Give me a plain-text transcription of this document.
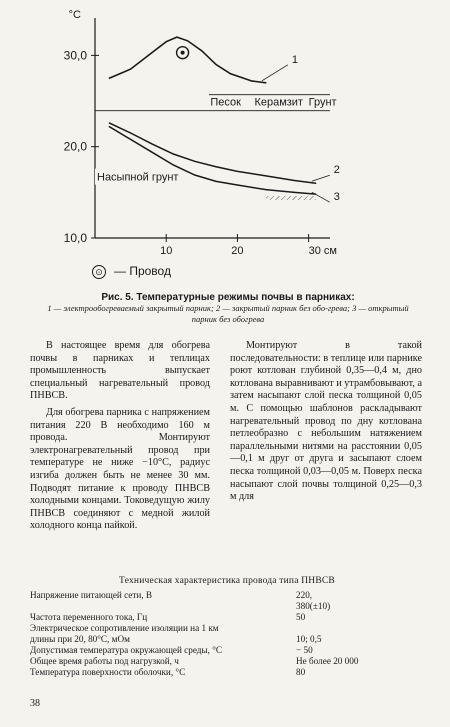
10,0
20,0
30,0
°C
10	20	30 см
Песок Керамзит Грунт
Насыпной грунт
1
2
3
⊙ — Провод
Рис. 5. Температурные режимы почвы в парниках:
1 — электрообогреваемый закрытый парник; 2 — закрытый парник без обо-грева; 3 — открытый парник без обогрева

В настоящее время для обогрева почвы в парниках и теплицах промышленность выпускает специальный нагревательный провод ПНВСВ.

Для обогрева парника с напряжением питания 220 В необходимо 160 м провода. Монтируют электронагревательный провод при температуре не ниже −10°С, радиус изгиба должен быть не менее 30 мм. Подводят питание к проводу ПНВСВ холодными концами. Токоведущую жилу ПНВСВ соединяют с медной жилой холодного конца пайкой.

Монтируют в такой последовательности: в теплице или парнике роют котлован глубиной 0,35—0,4 м, дно котлована выравнивают и утрамбовывают, а затем насыпают слой песка толщиной 0,05 м. С помощью шаблонов раскладывают нагревательный провод по дну котлована петлеобразно с небольшим натяжением параллельными нитями на расстоянии 0,05—0,1 м друг от друга и засыпают слоем песка толщиной 0,03—0,05 м. Поверх песка насыпают слой почвы толщиной 0,25—0,3 м для

Техническая характеристика провода типа ПНВСВ
Напряжение питающей сети, В	220,
	380(±10)
Частота переменного тока, Гц	50
Электрическое сопротивление изоляции на 1 км	
длины при 20, 80°С, мОм	10; 0,5
Допустимая температура окружающей среды, °С	− 50
Общее время работы под нагрузкой, ч	Не более 20 000
Температура поверхности оболочки, °С	80
38
